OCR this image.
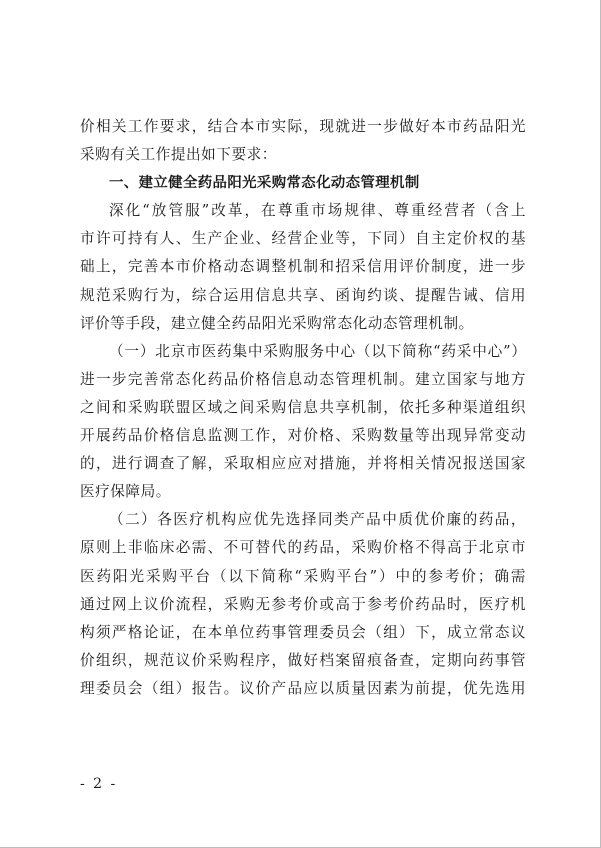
价相关工作要求，结合本市实际，现就进一步做好本市药品阳光
采购有关工作提出如下要求：
一、建立健全药品阳光采购常态化动态管理机制
深化“放管服”改革，在尊重市场规律、尊重经营者（含上
市许可持有人、生产企业、经营企业等，下同）自主定价权的基
础上，完善本市价格动态调整机制和招采信用评价制度，进一步
规范采购行为，综合运用信息共享、函询约谈、提醒告诫、信用
评价等手段，建立健全药品阳光采购常态化动态管理机制。
（一）北京市医药集中采购服务中心（以下简称“药采中心”）
进一步完善常态化药品价格信息动态管理机制。建立国家与地方
之间和采购联盟区域之间采购信息共享机制，依托多种渠道组织
开展药品价格信息监测工作，对价格、采购数量等出现异常变动
的，进行调查了解，采取相应应对措施，并将相关情况报送国家
医疗保障局。
（二）各医疗机构应优先选择同类产品中质优价廉的药品，
原则上非临床必需、不可替代的药品，采购价格不得高于北京市
医药阳光采购平台（以下简称“采购平台”）中的参考价；确需
通过网上议价流程，采购无参考价或高于参考价药品时，医疗机
构须严格论证，在本单位药事管理委员会（组）下，成立常态议
价组织，规范议价采购程序，做好档案留痕备查，定期向药事管
理委员会（组）报告。议价产品应以质量因素为前提，优先选用
- 2 -
